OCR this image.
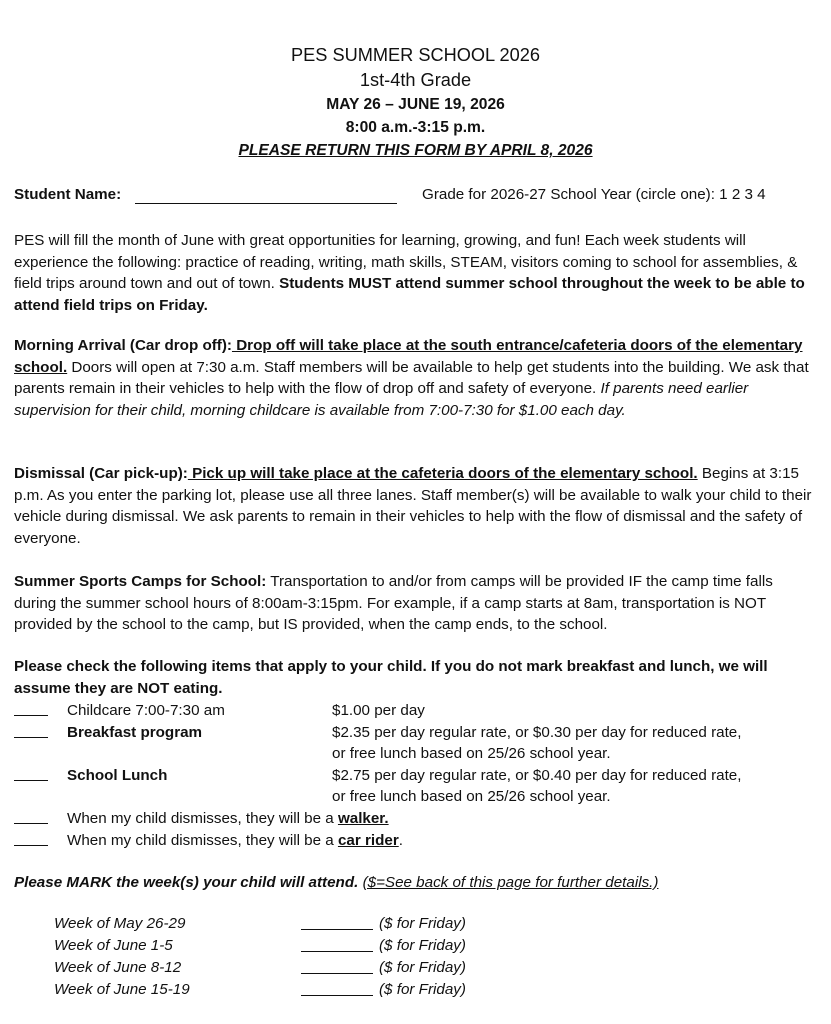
PES SUMMER SCHOOL 2026
1st-4th Grade
MAY 26 – JUNE 19, 2026
8:00 a.m.-3:15 p.m.
PLEASE RETURN THIS FORM BY APRIL 8, 2026
Student Name:	Grade for 2026-27 School Year (circle one): 1 2 3 4
PES will fill the month of June with great opportunities for learning, growing, and fun! Each week students will experience the following: practice of reading, writing, math skills, STEAM, visitors coming to school for assemblies, & field trips around town and out of town. Students MUST attend summer school throughout the week to be able to attend field trips on Friday.
Morning Arrival (Car drop off): Drop off will take place at the south entrance/cafeteria doors of the elementary school. Doors will open at 7:30 a.m. Staff members will be available to help get students into the building. We ask that parents remain in their vehicles to help with the flow of drop off and safety of everyone. If parents need earlier supervision for their child, morning childcare is available from 7:00-7:30 for $1.00 each day.
Dismissal (Car pick-up): Pick up will take place at the cafeteria doors of the elementary school. Begins at 3:15 p.m. As you enter the parking lot, please use all three lanes. Staff member(s) will be available to walk your child to their vehicle during dismissal. We ask parents to remain in their vehicles to help with the flow of dismissal and the safety of everyone.
Summer Sports Camps for School: Transportation to and/or from camps will be provided IF the camp time falls during the summer school hours of 8:00am-3:15pm. For example, if a camp starts at 8am, transportation is NOT provided by the school to the camp, but IS provided, when the camp ends, to the school.
Please check the following items that apply to your child. If you do not mark breakfast and lunch, we will assume they are NOT eating.
Childcare 7:00-7:30 am	$1.00 per day
Breakfast program	$2.35 per day regular rate, or $0.30 per day for reduced rate,
or free lunch based on 25/26 school year.
School Lunch	$2.75 per day regular rate, or $0.40 per day for reduced rate,
or free lunch based on 25/26 school year.
When my child dismisses, they will be a walker.
When my child dismisses, they will be a car rider.
Please MARK the week(s) your child will attend. ($=See back of this page for further details.)
Week of May 26-29	($ for Friday)
Week of June 1-5	($ for Friday)
Week of June 8-12	($ for Friday)
Week of June 15-19	($ for Friday)
